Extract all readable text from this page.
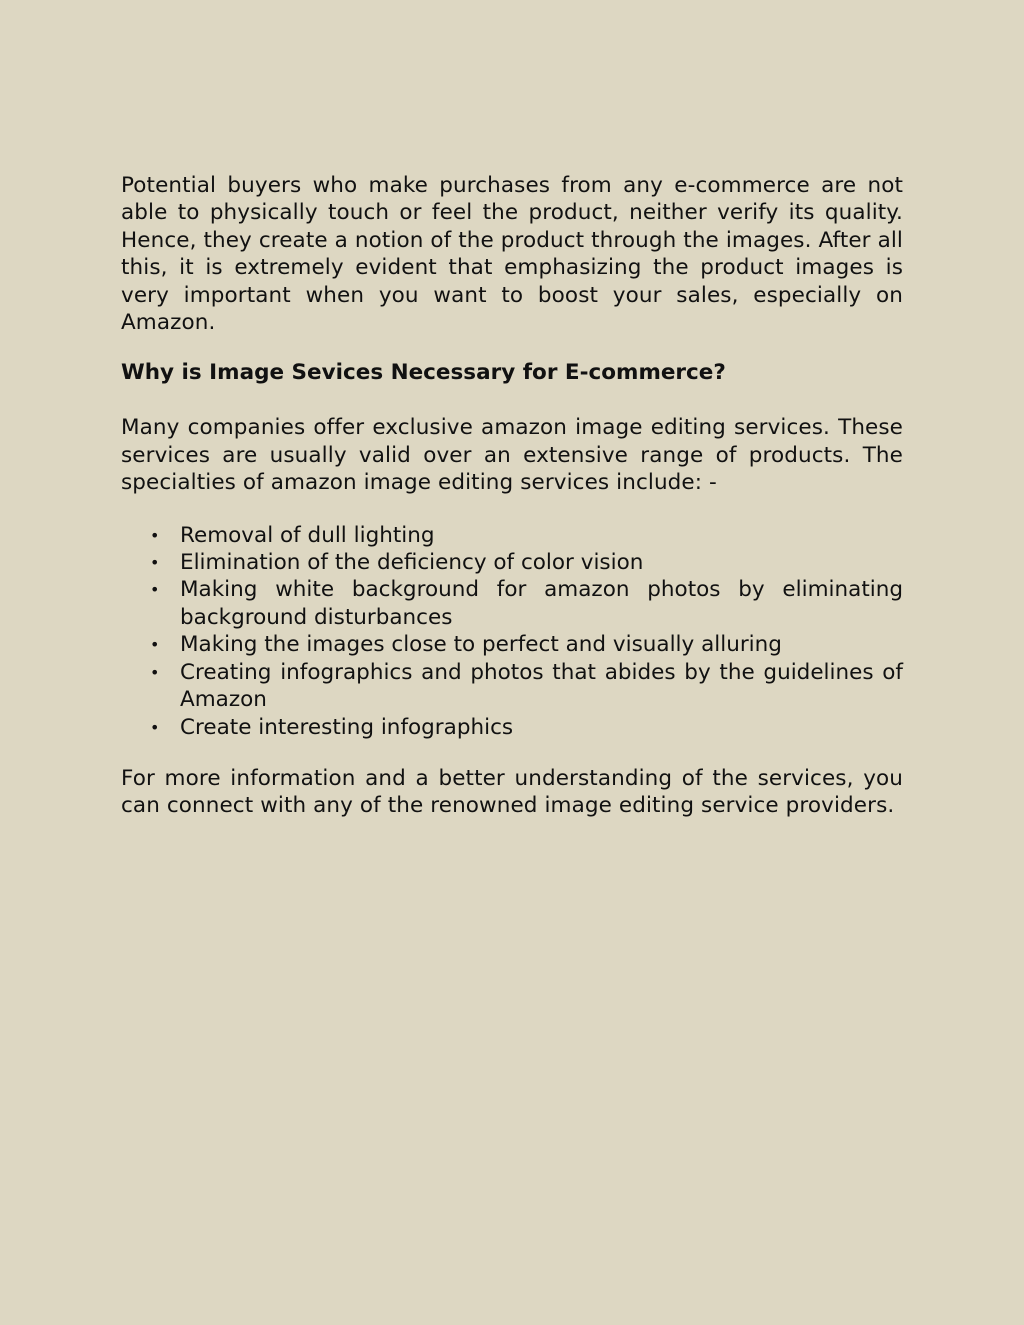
Potential buyers who make purchases from any e-commerce are not able to physically touch or feel the product, neither verify its quality. Hence, they create a notion of the product through the images. After all this, it is extremely evident that emphasizing the product images is very important when you want to boost your sales, especially on Amazon.

Why is Image Sevices Necessary for E-commerce?

Many companies offer exclusive amazon image editing services. These services are usually valid over an extensive range of products. The specialties of amazon image editing services include: -

• Removal of dull lighting
• Elimination of the deficiency of color vision
• Making white background for amazon photos by eliminating background disturbances
• Making the images close to perfect and visually alluring
• Creating infographics and photos that abides by the guidelines of Amazon
• Create interesting infographics

For more information and a better understanding of the services, you can connect with any of the renowned image editing service providers.
